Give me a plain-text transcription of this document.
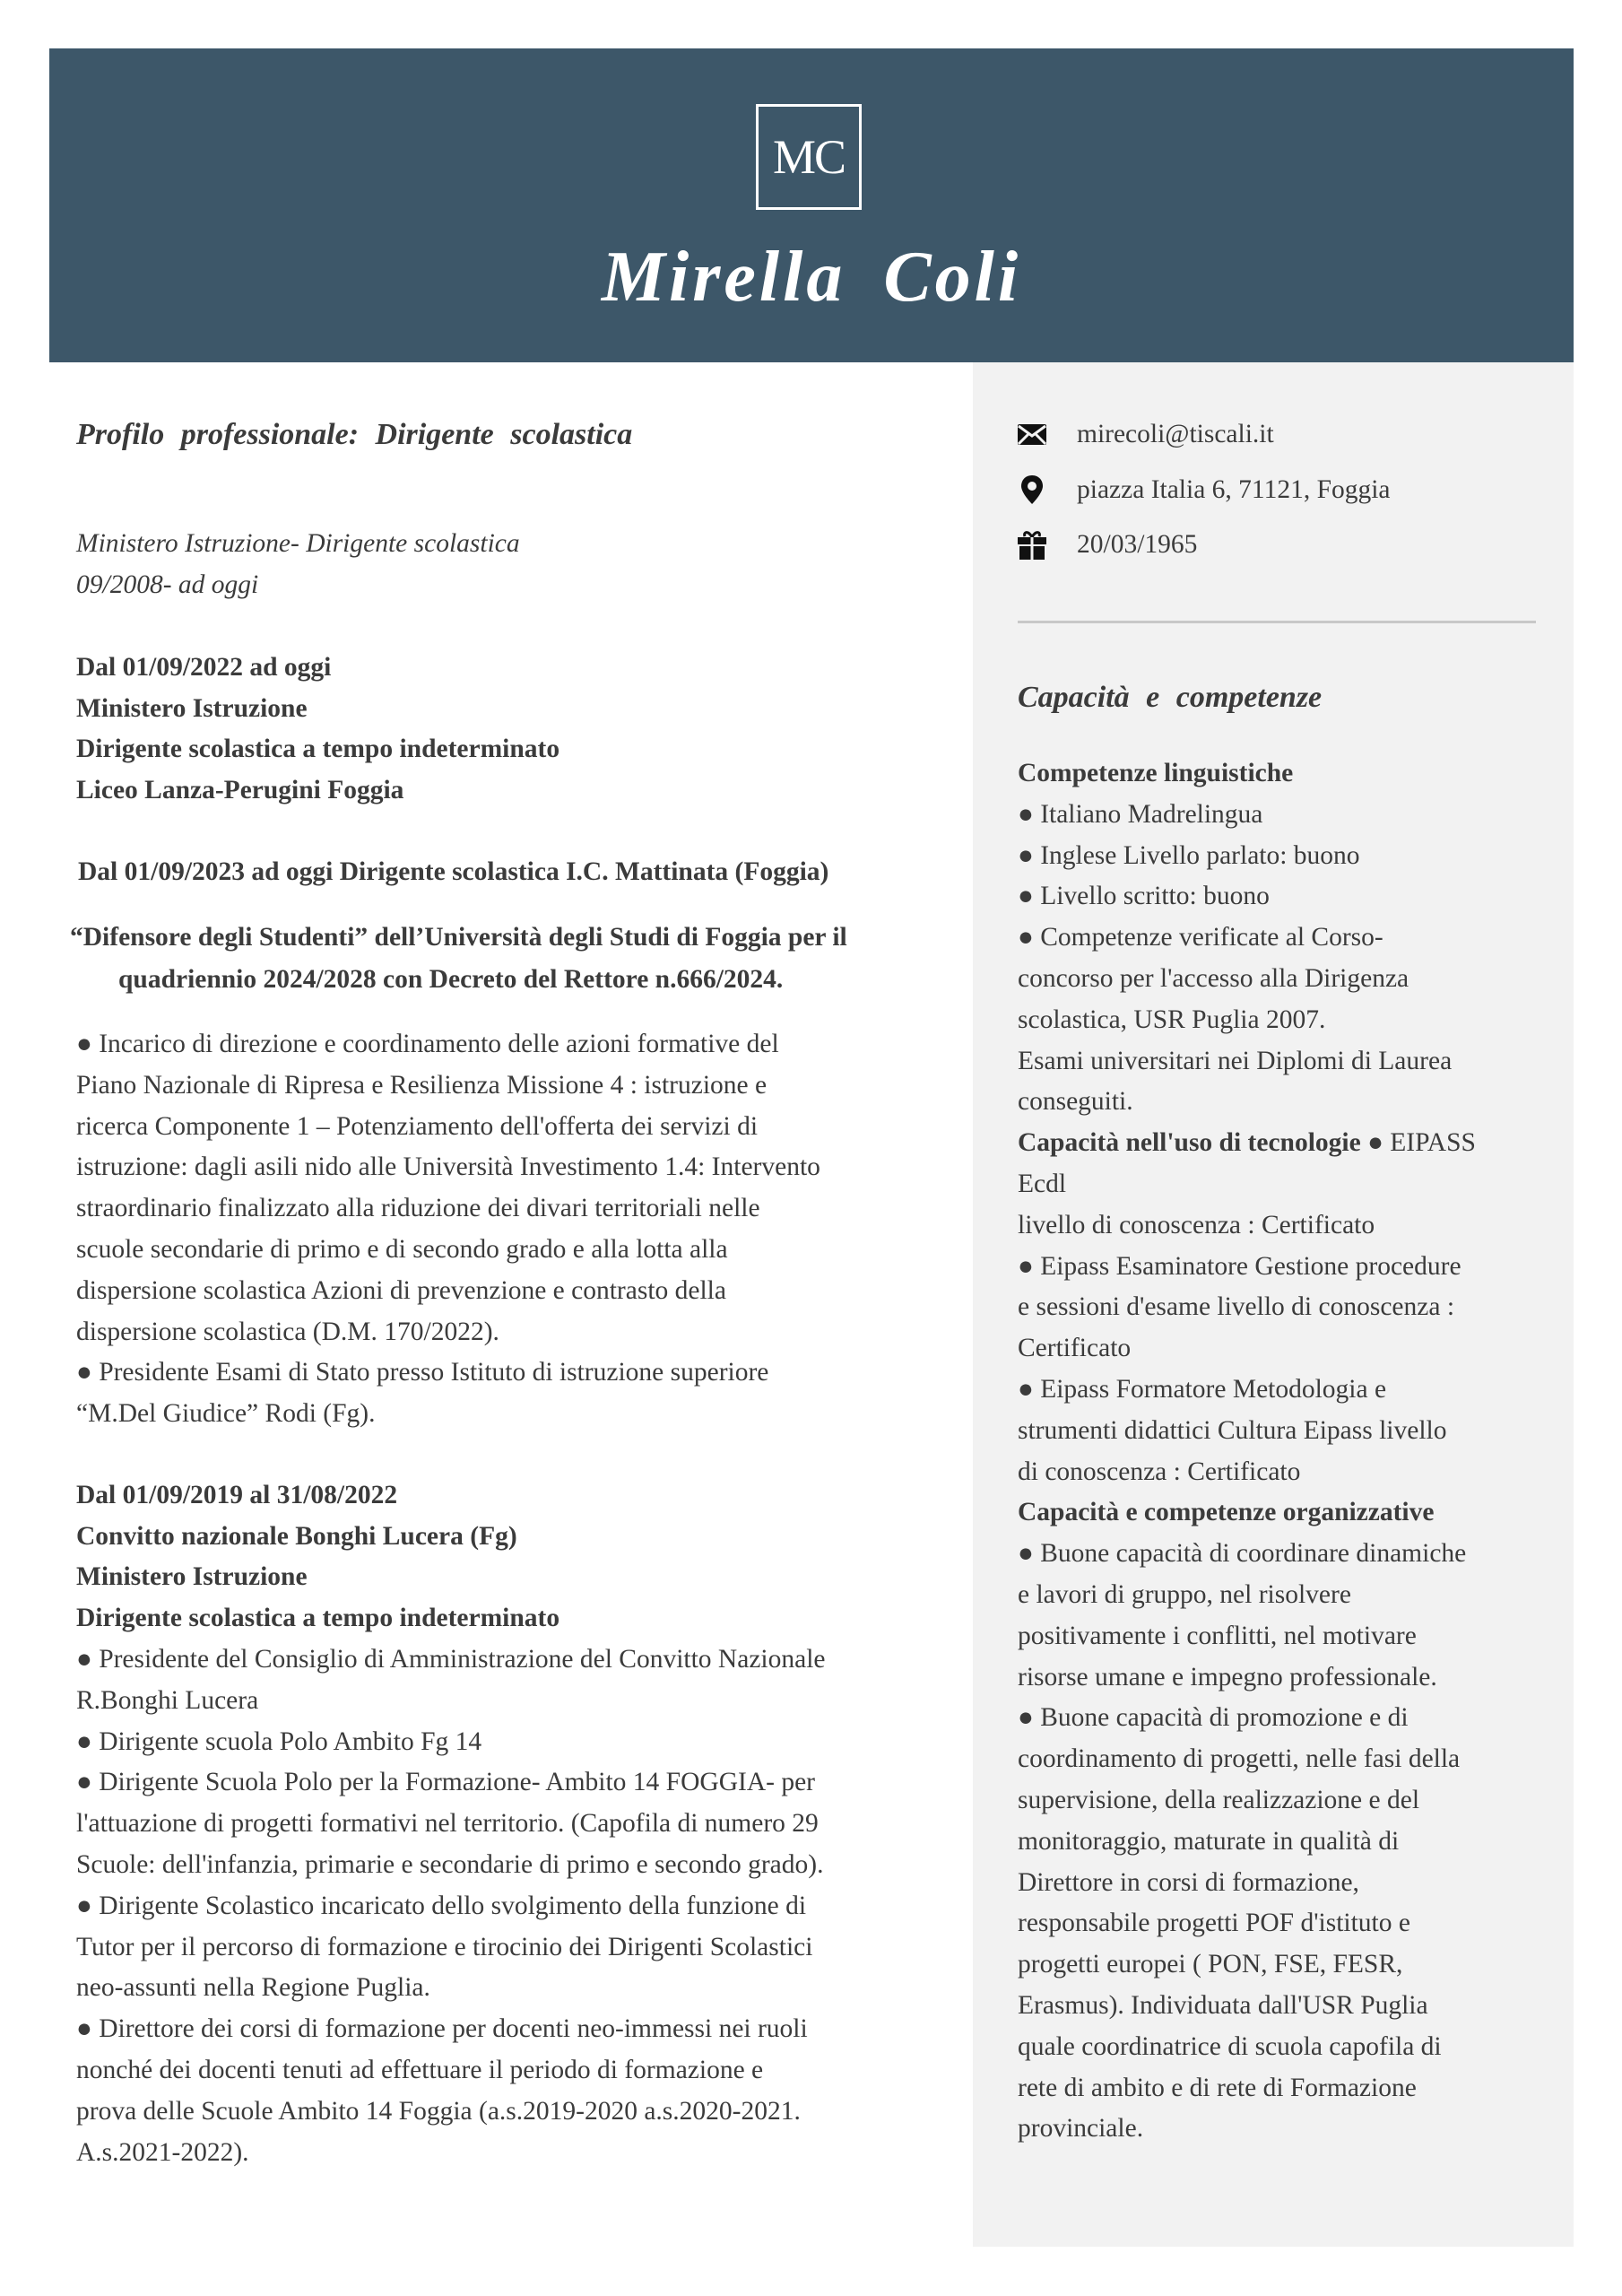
MC
Mirella Coli
Profilo professionale: Dirigente scolastica
Ministero Istruzione- Dirigente scolastica
09/2008- ad oggi
Dal 01/09/2022 ad oggi
Ministero Istruzione
Dirigente scolastica a tempo indeterminato
Liceo Lanza-Perugini Foggia
Dal 01/09/2023 ad oggi Dirigente scolastica I.C. Mattinata (Foggia)
“Difensore degli Studenti” dell’Università degli Studi di Foggia per il
quadriennio 2024/2028 con Decreto del Rettore n.666/2024.
● Incarico di direzione e coordinamento delle azioni formative del
Piano Nazionale di Ripresa e Resilienza Missione 4 : istruzione e
ricerca Componente 1 – Potenziamento dell'offerta dei servizi di
istruzione: dagli asili nido alle Università Investimento 1.4: Intervento
straordinario finalizzato alla riduzione dei divari territoriali nelle
scuole secondarie di primo e di secondo grado e alla lotta alla
dispersione scolastica Azioni di prevenzione e contrasto della
dispersione scolastica (D.M. 170/2022).
● Presidente Esami di Stato presso Istituto di istruzione superiore
“M.Del Giudice” Rodi (Fg).
Dal 01/09/2019 al 31/08/2022
Convitto nazionale Bonghi Lucera (Fg)
Ministero Istruzione
Dirigente scolastica a tempo indeterminato
● Presidente del Consiglio di Amministrazione del Convitto Nazionale
R.Bonghi Lucera
● Dirigente scuola Polo Ambito Fg 14
● Dirigente Scuola Polo per la Formazione- Ambito 14 FOGGIA- per
l'attuazione di progetti formativi nel territorio. (Capofila di numero 29
Scuole: dell'infanzia, primarie e secondarie di primo e secondo grado).
● Dirigente Scolastico incaricato dello svolgimento della funzione di
Tutor per il percorso di formazione e tirocinio dei Dirigenti Scolastici
neo-assunti nella Regione Puglia.
● Direttore dei corsi di formazione per docenti neo-immessi nei ruoli
nonché dei docenti tenuti ad effettuare il periodo di formazione e
prova delle Scuole Ambito 14 Foggia (a.s.2019-2020 a.s.2020-2021.
A.s.2021-2022).
mirecoli@tiscali.it
piazza Italia 6, 71121, Foggia
20/03/1965
Capacità e competenze
Competenze linguistiche
● Italiano Madrelingua
● Inglese Livello parlato: buono
● Livello scritto: buono
● Competenze verificate al Corso-
concorso per l'accesso alla Dirigenza
scolastica, USR Puglia 2007.
Esami universitari nei Diplomi di Laurea
conseguiti.
Capacità nell'uso di tecnologie ● EIPASS
Ecdl
livello di conoscenza : Certificato
● Eipass Esaminatore Gestione procedure
e sessioni d'esame livello di conoscenza :
Certificato
● Eipass Formatore Metodologia e
strumenti didattici Cultura Eipass livello
di conoscenza : Certificato
Capacità e competenze organizzative
● Buone capacità di coordinare dinamiche
e lavori di gruppo, nel risolvere
positivamente i conflitti, nel motivare
risorse umane e impegno professionale.
● Buone capacità di promozione e di
coordinamento di progetti, nelle fasi della
supervisione, della realizzazione e del
monitoraggio, maturate in qualità di
Direttore in corsi di formazione,
responsabile progetti POF d'istituto e
progetti europei ( PON, FSE, FESR,
Erasmus). Individuata dall'USR Puglia
quale coordinatrice di scuola capofila di
rete di ambito e di rete di Formazione
provinciale.
